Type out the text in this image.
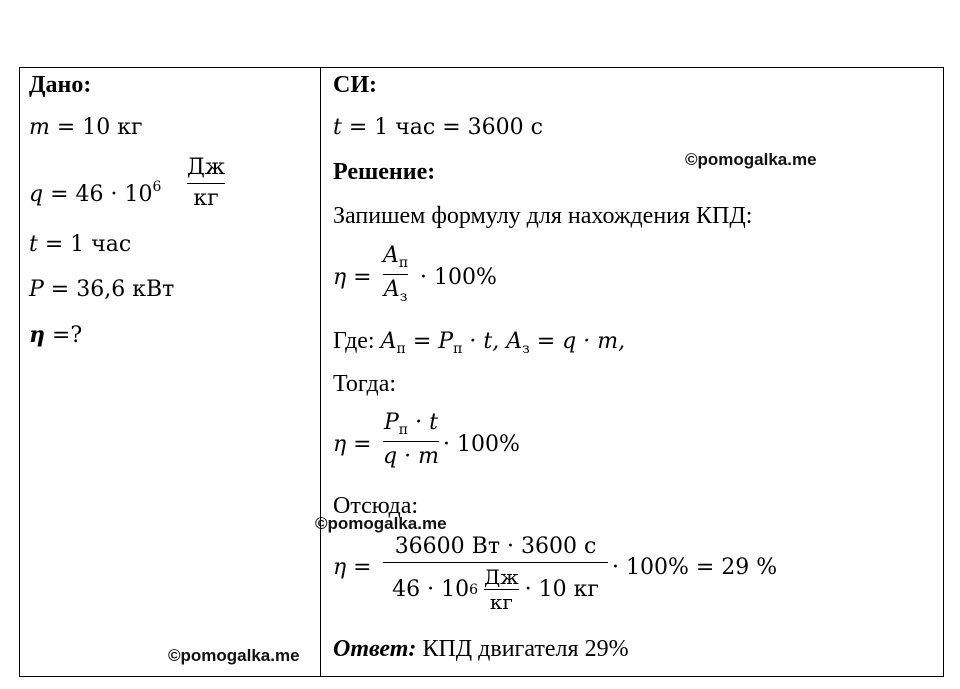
Дано:
m = 10 кг
$q = 46 \cdot 10^6$
Дж
кг
t = 1 час
P = 36,6 кВт
η =?
СИ:
t = 1 час = 3600 с
Решение:
Запишем формулу для нахождения КПД:
η =
$A_п$
$A_з$
· 100%
Где: $A_п = P_п \cdot t$, $A_з = q \cdot m$,
Тогда:
η =
$P_п \cdot t$
q · m · 100%
Отсюда:
η =
36600 Вт · 3600 с
46 · 10 6
Дж
кг
· 10 кг
· 100% = 29 %
Ответ: КПД двигателя 29%
©pomogalka.me
©pomogalka.me
©pomogalka.me
